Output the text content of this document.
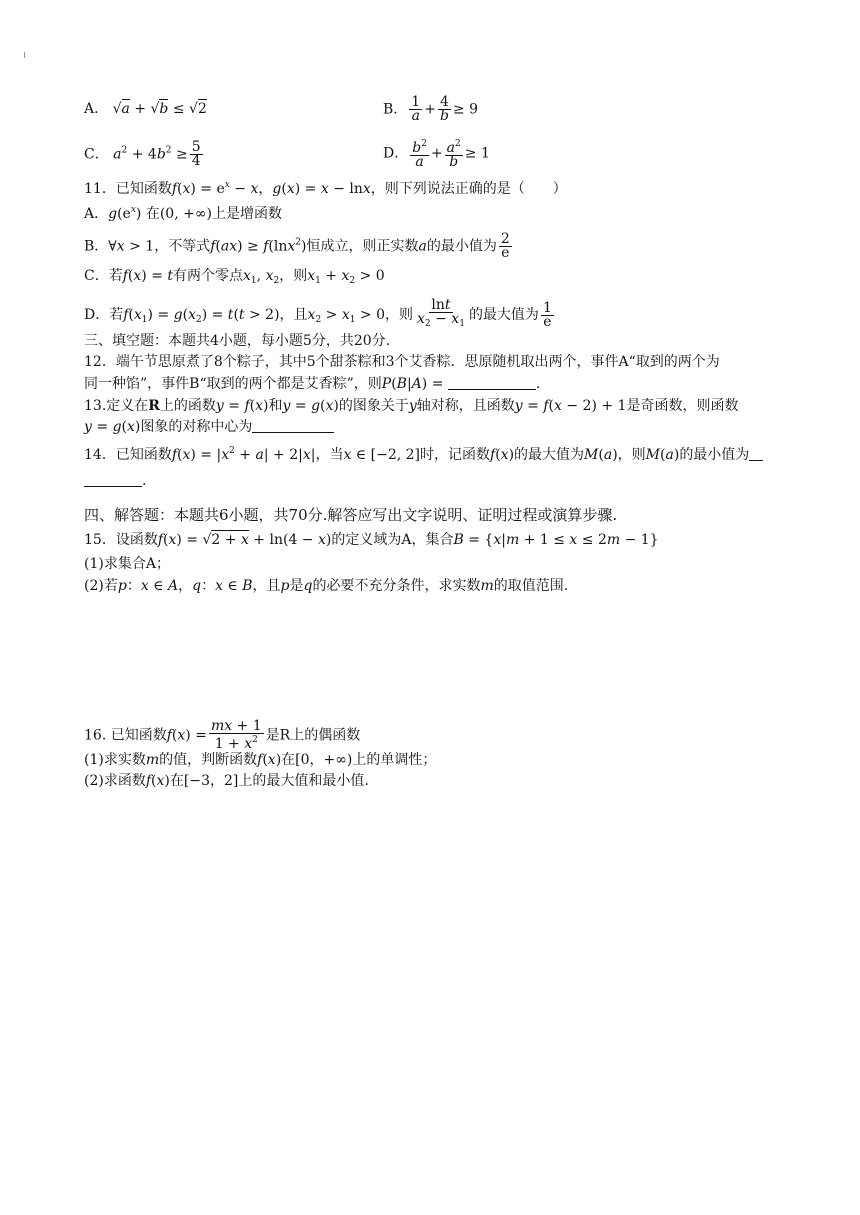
A． √a + √b ≤ √2	B． $\frac{1}{a} + \frac{4}{b} \ge 9$
C． $a^2 + 4b^2 \ge \frac{5}{4}$	D． $\frac{b^2}{a} + \frac{a^2}{b} \ge 1$
11．已知函数$f(x) = e^x - x$，g(x) = x − lnx，则下列说法正确的是（　　）
A．$g(e^x)$ 在(0, +∞)上是增函数
B．∀x > 1，不等式f(ax) ≥ f(lnx$^2$)恒成立，则正实数a的最小值为 $\frac{2}{e}$
C．若f(x) = t有两个零点$x_1$, $x_2$，则$x_1 + x_2 > 0$
D．若$f(x_1) = g(x_2) = t(t > 2)$，且$x_2 > x_1 > 0$，则 $\frac{\ln t}{x_2 - x_1}$ 的最大值为 $\frac{1}{e}$
三、填空题：本题共4小题，每小题5分，共20分.
12．端午节思原煮了8个粽子，其中5个甜茶粽和3个艾香粽．思原随机取出两个，事件A“取到的两个为
同一种馅”，事件B“取到的两个都是艾香粽”，则P(B|A) =	.
13.定义在R上的函数y = f(x)和y = g(x)的图象关于y轴对称，且函数y = f(x − 2) + 1是奇函数，则函数
y = g(x)图象的对称中心为
14．已知函数$f(x) = |x^2 + a| + 2|x|$，当x ∈ [−2, 2]时，记函数f(x)的最大值为M(a)，则M(a)的最小值为
.
四、解答题：本题共6小题，共70分.解答应写出文字说明、证明过程或演算步骤.
15．设函数f(x) = √2 + x + ln(4 − x)的定义域为A，集合B = {x|m + 1 ≤ x ≤ 2m − 1}
(1)求集合A；
(2)若p：x ∈ A，q：x ∈ B，且p是q的必要不充分条件，求实数m的取值范围.
16. 已知函数$f(x) = \frac{mx + 1}{1 + x^2}$ 是R上的偶函数
(1)求实数m的值，判断函数f(x)在[0，+∞)上的单调性；
(2)求函数f(x)在[−3，2]上的最大值和最小值.
